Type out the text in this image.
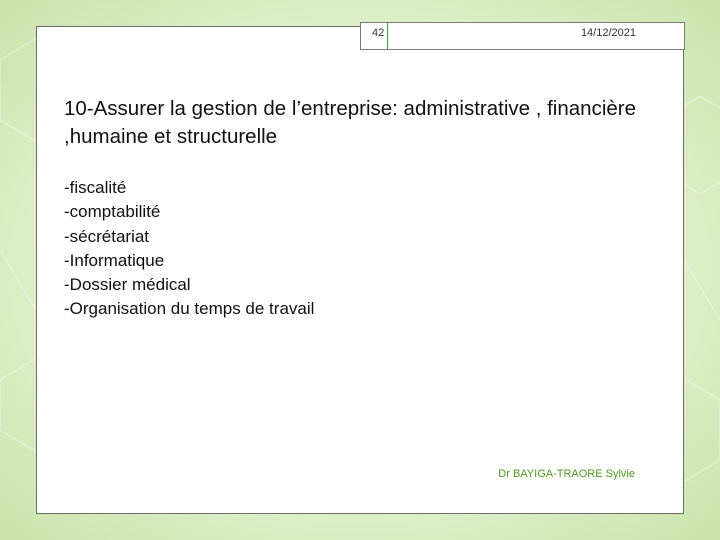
42	14/12/2021
10-Assurer la gestion de l’entreprise: administrative , financière ,humaine et structurelle
-fiscalité
-comptabilité
-sécrétariat
-Informatique
-Dossier médical
-Organisation du temps de travail
Dr BAYIGA-TRAORE Sylvie
